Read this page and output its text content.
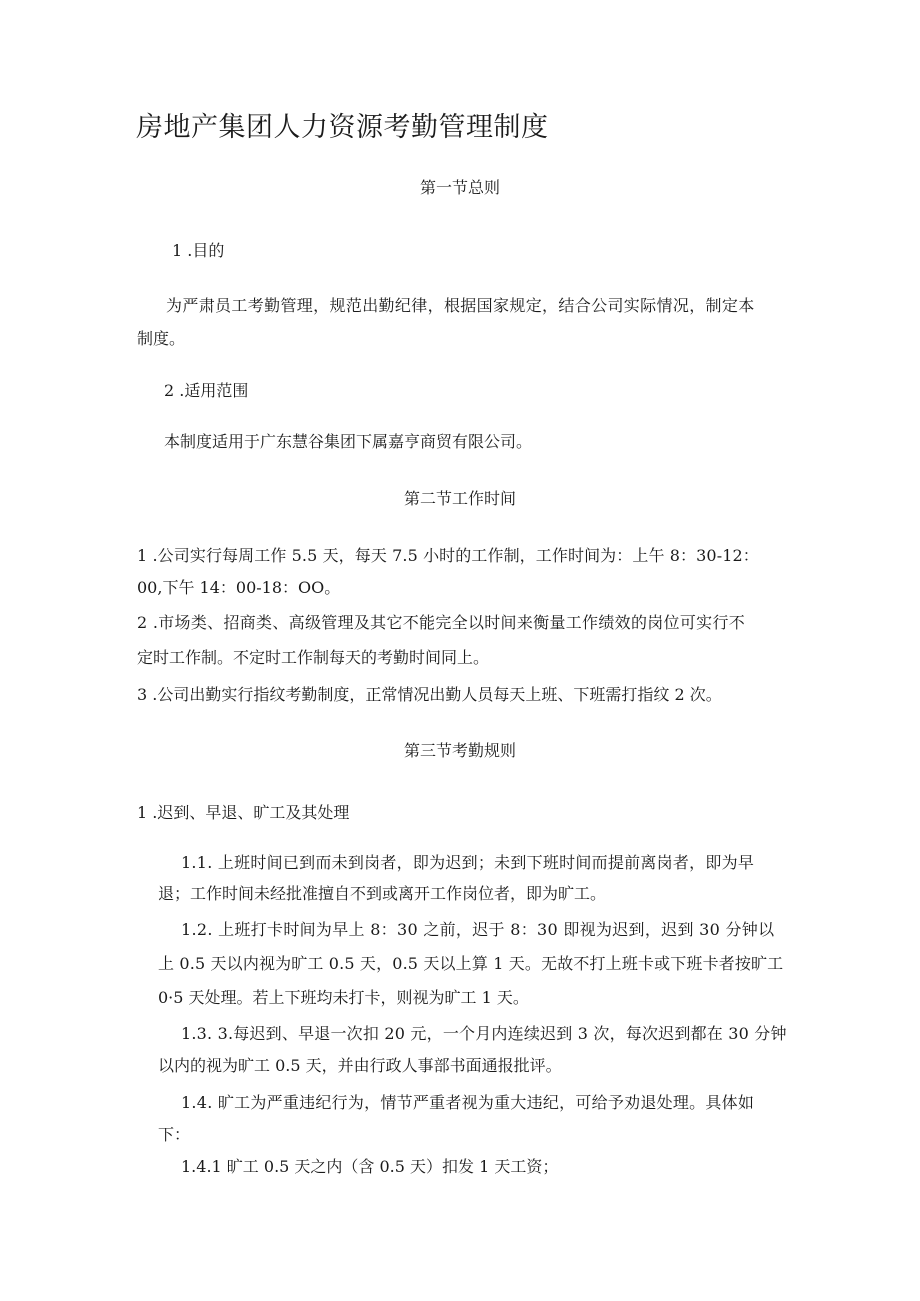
房地产集团人力资源考勤管理制度
第一节总则
1 .目的
为严肃员工考勤管理，规范出勤纪律，根据国家规定，结合公司实际情况，制定本
制度。
2 .适用范围
本制度适用于广东慧谷集团下属嘉亨商贸有限公司。
第二节工作时间
1 .公司实行每周工作 5.5 天，每天 7.5 小时的工作制，工作时间为：上午 8：30-12：
00,下午 14：00-18：OO。
2 .市场类、招商类、高级管理及其它不能完全以时间来衡量工作绩效的岗位可实行不
定时工作制。不定时工作制每天的考勤时间同上。
3 .公司出勤实行指纹考勤制度，正常情况出勤人员每天上班、下班需打指纹 2 次。
第三节考勤规则
1 .迟到、早退、旷工及其处理
1.1. 上班时间已到而未到岗者，即为迟到；未到下班时间而提前离岗者，即为早
退；工作时间未经批准擅自不到或离开工作岗位者，即为旷工。
1.2. 上班打卡时间为早上 8：30 之前，迟于 8：30 即视为迟到，迟到 30 分钟以
上 0.5 天以内视为旷工 0.5 天，0.5 天以上算 1 天。无故不打上班卡或下班卡者按旷工
0·5 天处理。若上下班均未打卡，则视为旷工 1 天。
1.3. 3.每迟到、早退一次扣 20 元，一个月内连续迟到 3 次，每次迟到都在 30 分钟
以内的视为旷工 0.5 天，并由行政人事部书面通报批评。
1.4. 旷工为严重违纪行为，情节严重者视为重大违纪，可给予劝退处理。具体如
下：
1.4.1 旷工 0.5 天之内（含 0.5 天）扣发 1 天工资；
